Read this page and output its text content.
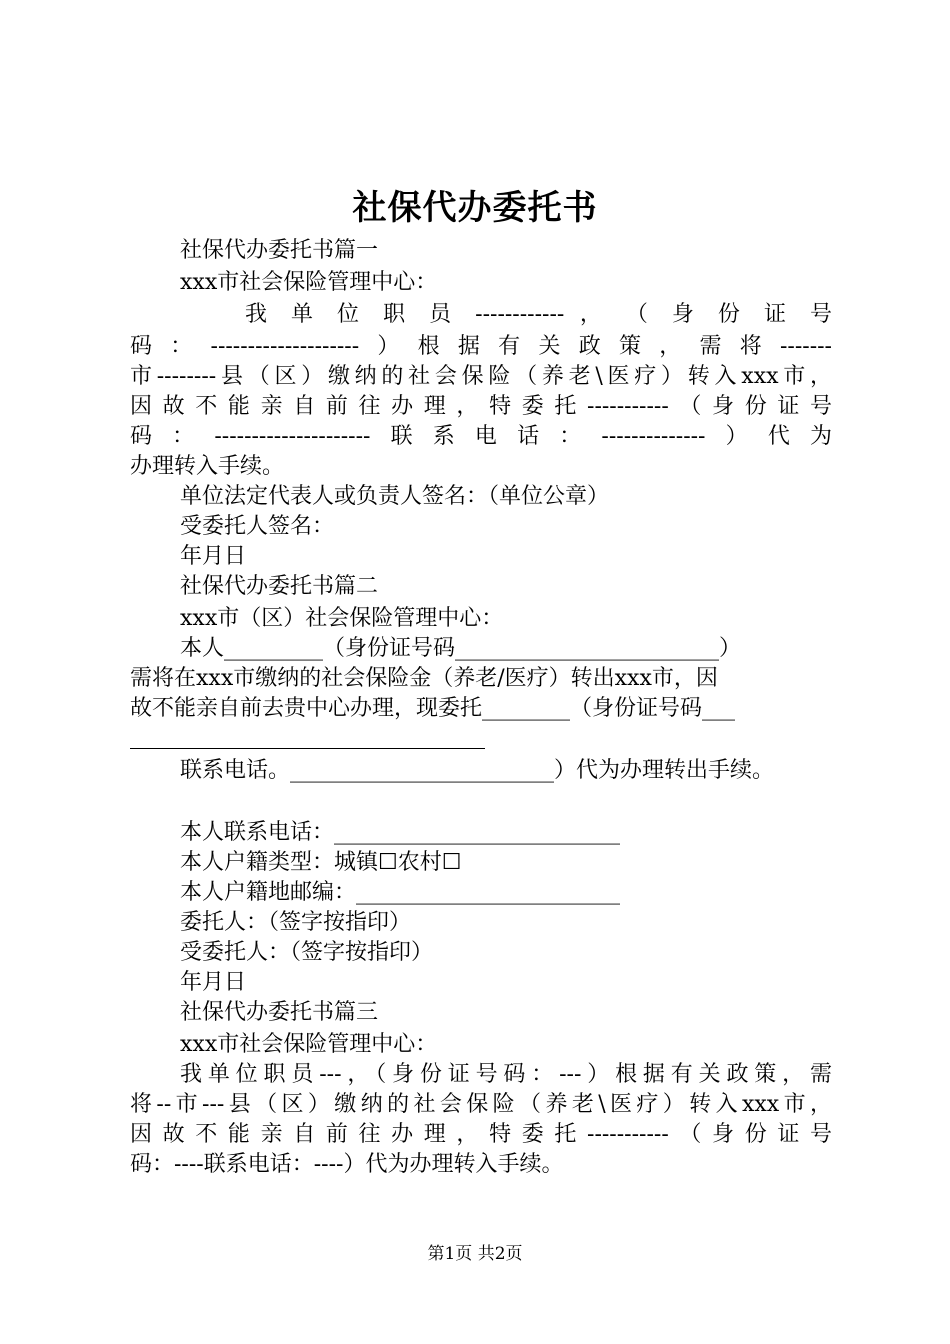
社保代办委托书
社保代办委托书篇一
xxx市社会保险管理中心：
我 单 位 职 员 ------------ ， （ 身 份 证 号
码：--------------------）根据有关政策，需将-------
市--------县（区）缴纳的社会保险（养老\医疗）转入xxx市，
因故不能亲自前往办理，特委托-----------（身份证号
码：---------------------联系电话：--------------）代为
办理转入手续。
单位法定代表人或负责人签名：（单位公章）
受委托人签名：
年月日
社保代办委托书篇二
xxx市（区）社会保险管理中心：
本人_________（身份证号码________________________）
需将在xxx市缴纳的社会保险金（养老/医疗）转出xxx市，因
故不能亲自前去贵中心办理，现委托________（身份证号码___
联系电话。________________________）代为办理转出手续。
本人联系电话：__________________________
本人户籍类型：城镇☐农村☐
本人户籍地邮编：________________________
委托人：（签字按指印）
受委托人：（签字按指印）
年月日
社保代办委托书篇三
xxx市社会保险管理中心：
我单位职员---，（身份证号码：---）根据有关政策，需
将--市---县（区）缴纳的社会保险（养老\医疗）转入xxx市，
因故不能亲自前往办理，特委托-----------（身份证号
码：----联系电话：----）代为办理转入手续。
第1页 共2页
